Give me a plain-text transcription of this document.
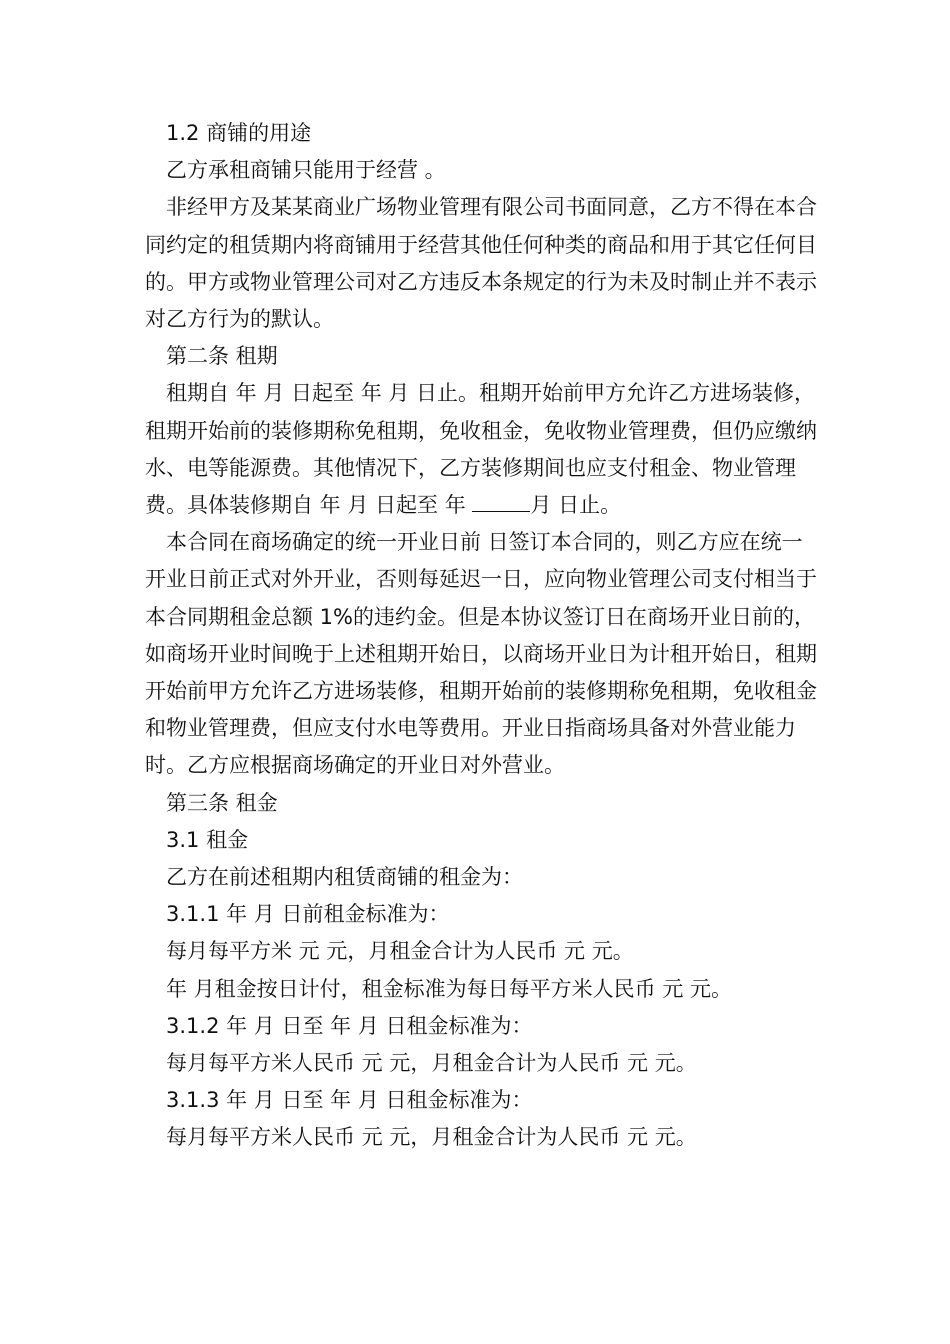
1.2 商铺的用途

乙方承租商铺只能用于经营 。

非经甲方及某某商业广场物业管理有限公司书面同意，乙方不得在本合同约定的租赁期内将商铺用于经营其他任何种类的商品和用于其它任何目的。甲方或物业管理公司对乙方违反本条规定的行为未及时制止并不表示对乙方行为的默认。

第二条 租期

租期自 年 月 日起至 年 月 日止。租期开始前甲方允许乙方进场装修，租期开始前的装修期称免租期，免收租金，免收物业管理费，但仍应缴纳水、电等能源费。其他情况下，乙方装修期间也应支付租金、物业管理费。具体装修期自 年 月 日起至 年	月 日止。

本合同在商场确定的统一开业日前 日签订本合同的，则乙方应在统一开业日前正式对外开业，否则每延迟一日，应向物业管理公司支付相当于本合同期租金总额 1%的违约金。但是本协议签订日在商场开业日前的，如商场开业时间晚于上述租期开始日，以商场开业日为计租开始日，租期开始前甲方允许乙方进场装修，租期开始前的装修期称免租期，免收租金和物业管理费，但应支付水电等费用。开业日指商场具备对外营业能力时。乙方应根据商场确定的开业日对外营业。

第三条 租金

3.1 租金

乙方在前述租期内租赁商铺的租金为：

3.1.1 年 月 日前租金标准为：

每月每平方米 元 元，月租金合计为人民币 元 元。

年 月租金按日计付，租金标准为每日每平方米人民币 元 元。

3.1.2 年 月 日至 年 月 日租金标准为：

每月每平方米人民币 元 元，月租金合计为人民币 元 元。

3.1.3 年 月 日至 年 月 日租金标准为：

每月每平方米人民币 元 元，月租金合计为人民币 元 元。
